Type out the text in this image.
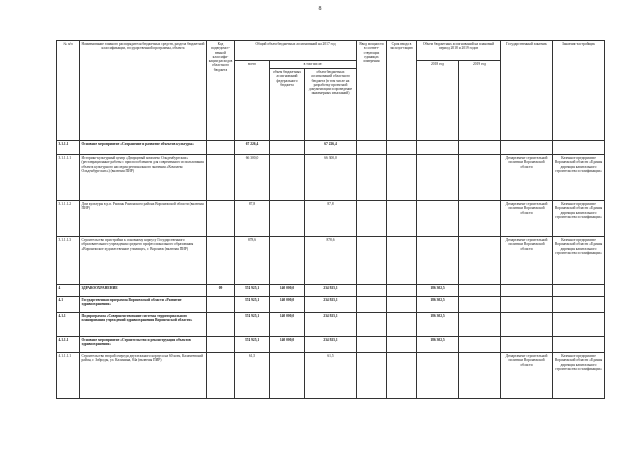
8
№ п/п	Наименование главного распорядителя бюджетных средств, раздела бюджетной классификации, государственной программы, объекта	Код подведомст-венной классифи-кации расходов областного бюджета	Общий объем бюджетных ассигнований на 2017 год			Ввод мощности в соответ-ствующих единицах измерения	Срок ввода в эксплуа-тацию	Объем бюджетных ассигнований на плановый период 2018 и 2019 годов		Государственный заказчик	Заказчик-застройщик
			всего	в том числе:				2018 год	2019 год		
				объем бюджетных ассигнований федерального бюджета	объем бюджетных ассигнований областного бюджета (в том числе на разработку проектной документации и проведение инженерных изысканий)						
3.1.1.1	Основное мероприятие «Сохранение и развитие объектов культуры»		67 226,4		67 226,4						
3.1.1.1.1	Историко-культурный центр «Дворцовый комплекс Ольденбургских» (реставрационные работы с приспособлением для современного использования объекта культурного наследия регионального значения «Комплекс Ольденбургских») (включая ПИР)		66 300,0		66 300,0					Департамент строительной политики Воронежской области	Казенное предприятие Воронежской области «Единая дирекция капитального строительства и газификации»
3.1.1.1.2	Дом культуры в р.п. Рамонь Рамонского района Воронежской области (включая ПИР)		87,8		87,8					Департамент строительной политики Воронежской области	Казенное предприятие Воронежской области «Единая дирекция капитального строительства и газификации»
3.1.1.1.3	Строительство пристройки к основному корпусу Государственного образовательного учреждения среднего профессионального образования «Воронежское художественное училище», г. Воронеж (включая ПИР)		878,6		878,6					Департамент строительной политики Воронежской области	Казенное предприятие Воронежской области «Единая дирекция капитального строительства и газификации»
4	ЗДРАВООХРАНЕНИЕ	09	374 925,1	140 000,0	234 925,1			186 302,5			
4.1	Государственная программа Воронежской области «Развитие здравоохранения»		374 925,1	140 000,0	234 925,1			186 302,5			
4.1.1	Подпрограмма «Совершенствование системы территориального планирования учреждений здравоохранения Воронежской области»		374 925,1	140 000,0	234 925,1			186 302,5			
4.1.1.1	Основное мероприятие «Строительство и реконструкция объектов здравоохранения»		374 925,1	140 000,0	234 925,1			186 302,5			
4.1.1.1.1	Строительство второй очереди двухэтажного корпуса на 60 коек, Калачеевский район, г. Заброды, ул. Калинина, 84а (включая ПИР)		61,5		61,5					Департамент строительной политики Воронежской области	Казенное предприятие Воронежской области «Единая дирекция капитального строительства и газификации»
